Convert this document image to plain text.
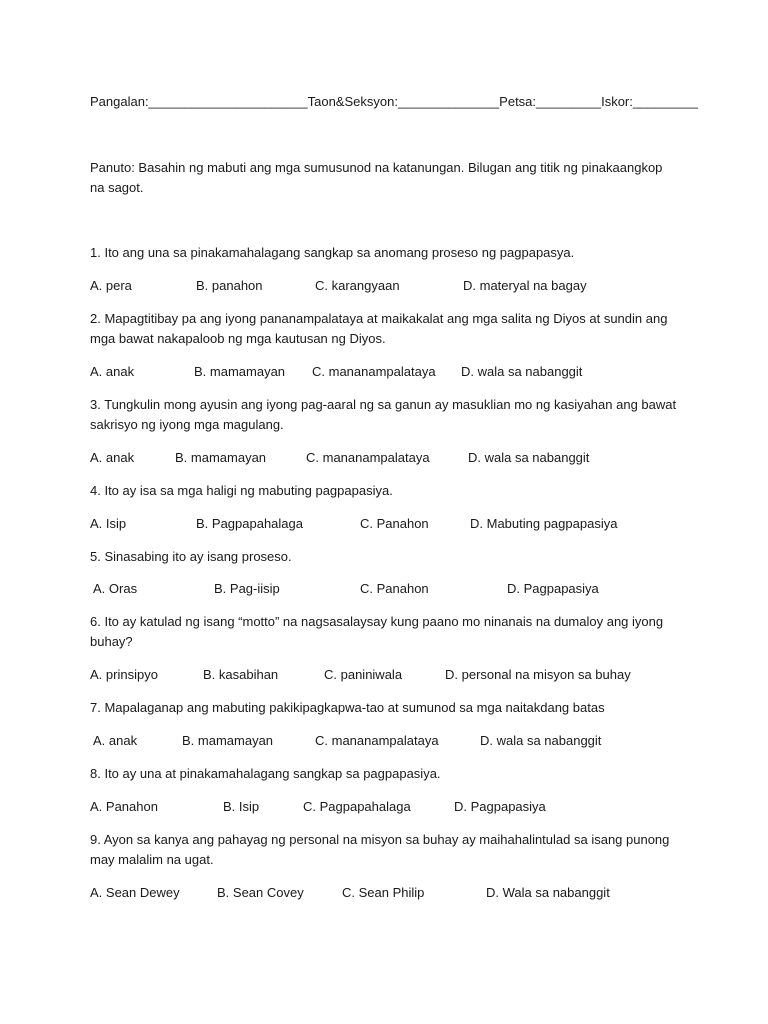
Pangalan:______________________Taon&Seksyon:______________Petsa:_________Iskor:_________
Panuto: Basahin ng mabuti ang mga sumusunod na katanungan. Bilugan ang titik ng pinakaangkop na sagot.
1. Ito ang una sa pinakamahalagang sangkap sa anomang proseso ng pagpapasya.
A. pera	B. panahon	C. karangyaan	D. materyal na bagay
2. Mapagtitibay pa ang iyong pananampalataya at maikakalat ang mga salita ng Diyos at sundin ang mga bawat nakapaloob ng mga kautusan ng Diyos.
A. anak	B. mamamayan C. mananampalataya D. wala sa nabanggit
3. Tungkulin mong ayusin ang iyong pag-aaral ng sa ganun ay masuklian mo ng kasiyahan ang bawat sakrisyo ng iyong mga magulang.
A. anak	B. mamamayan	C. mananampalataya	D. wala sa nabanggit
4. Ito ay isa sa mga haligi ng mabuting pagpapasiya.
A. Isip	B. Pagpapahalaga	C. Panahon	D. Mabuting pagpapasiya
5. Sinasabing ito ay isang proseso.
A. Oras	B. Pag-iisip	C. Panahon	D. Pagpapasiya
6. Ito ay katulad ng isang “motto” na nagsasalaysay kung paano mo ninanais na dumaloy ang iyong buhay?
A. prinsipyo	B. kasabihan	C. paniniwala	D. personal na misyon sa buhay
7. Mapalaganap ang mabuting pakikipagkapwa-tao at sumunod sa mga naitakdang batas
A. anak	B. mamamayan	C. mananampalataya	D. wala sa nabanggit
8. Ito ay una at pinakamahalagang sangkap sa pagpapasiya.
A. Panahon	B. Isip	C. Pagpapahalaga	D. Pagpapasiya
9. Ayon sa kanya ang pahayag ng personal na misyon sa buhay ay maihahalintulad sa isang punong may malalim na ugat.
A. Sean Dewey	B. Sean Covey	C. Sean Philip	D. Wala sa nabanggit
